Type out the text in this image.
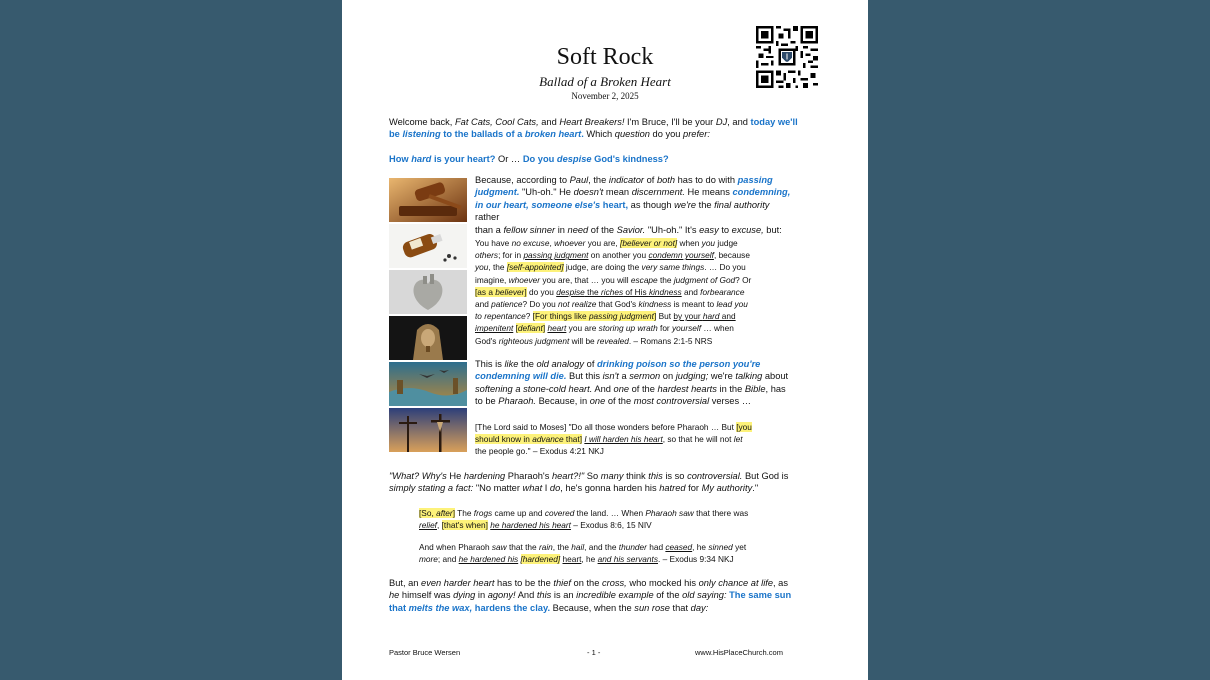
Soft Rock
Ballad of a Broken Heart
November 2, 2025

Welcome back, Fat Cats, Cool Cats, and Heart Breakers! I'm Bruce, I'll be your DJ, and today we'll
be listening to the ballads of a broken heart. Which question do you prefer:

How hard is your heart? Or … Do you despise God's kindness?

Because, according to Paul, the indicator of both has to do with passing
judgment. "Uh-oh." He doesn't mean discernment. He means condemning,
in our heart, someone else's heart, as though we're the final authority rather
than a fellow sinner in need of the Savior. "Uh-oh." It's easy to excuse, but:

You have no excuse, whoever you are, [believer or not] when you judge
others; for in passing judgment on another you condemn yourself, because
you, the [self-appointed] judge, are doing the very same things. … Do you
imagine, whoever you are, that … you will escape the judgment of God? Or
[as a believer] do you despise the riches of His kindness and forbearance
and patience? Do you not realize that God's kindness is meant to lead you
to repentance? [For things like passing judgment] But by your hard and
impenitent [defiant] heart you are storing up wrath for yourself … when
God's righteous judgment will be revealed. – Romans 2:1-5 NRS

This is like the old analogy of drinking poison so the person you're
condemning will die. But this isn't a sermon on judging; we're talking about
softening a stone-cold heart. And one of the hardest hearts in the Bible, has
to be Pharaoh. Because, in one of the most controversial verses …

[The Lord said to Moses] "Do all those wonders before Pharaoh … But [you
should know in advance that] I will harden his heart, so that he will not let
the people go." – Exodus 4:21 NKJ

"What? Why's He hardening Pharaoh's heart?!" So many think this is so controversial. But God is
simply stating a fact: "No matter what I do, he's gonna harden his hatred for My authority."

[So, after] The frogs came up and covered the land. … When Pharaoh saw that there was
relief, [that's when] he hardened his heart – Exodus 8:6, 15 NIV

And when Pharaoh saw that the rain, the hail, and the thunder had ceased, he sinned yet
more; and he hardened his [hardened] heart, he and his servants. – Exodus 9:34 NKJ

But, an even harder heart has to be the thief on the cross, who mocked his only chance at life, as
he himself was dying in agony! And this is an incredible example of the old saying: The same sun
that melts the wax, hardens the clay. Because, when the sun rose that day:

Pastor Bruce Wersen	- 1 -	www.HisPlaceChurch.com
